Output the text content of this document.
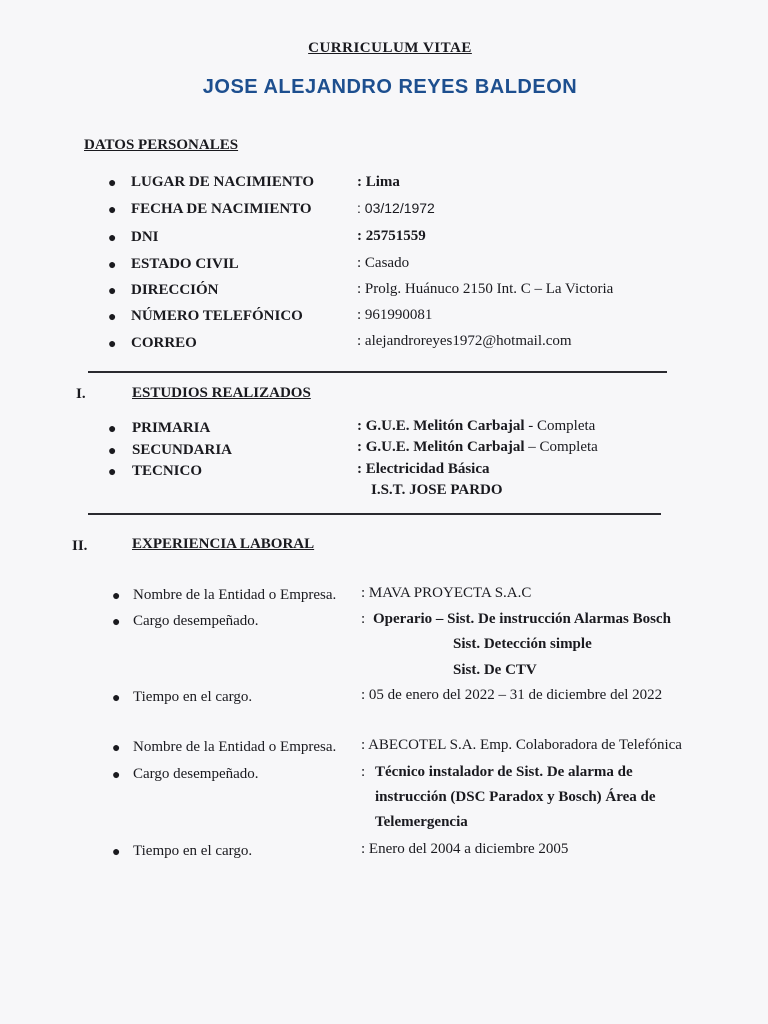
CURRICULUM VITAE
JOSE ALEJANDRO REYES BALDEON
DATOS PERSONALES
● LUGAR DE NACIMIENTO	: Lima
● FECHA DE NACIMIENTO	: 03/12/1972
● DNI	: 25751559
● ESTADO CIVIL	: Casado
● DIRECCIÓN	: Prolg. Huánuco 2150 Int. C – La Victoria
● NÚMERO TELEFÓNICO	: 961990081
● CORREO	: alejandroreyes1972@hotmail.com
I.	ESTUDIOS REALIZADOS
● PRIMARIA	: G.U.E. Melitón Carbajal - Completa
● SECUNDARIA	: G.U.E. Melitón Carbajal – Completa
● TECNICO	: Electricidad Básica
I.S.T. JOSE PARDO
II.	EXPERIENCIA LABORAL
● Nombre de la Entidad o Empresa. : MAVA PROYECTA S.A.C
● Cargo desempeñado.	: Operario – Sist. De instrucción Alarmas Bosch
Sist. Detección simple
Sist. De CTV
● Tiempo en el cargo.	: 05 de enero del 2022 – 31 de diciembre del 2022
● Nombre de la Entidad o Empresa. : ABECOTEL S.A. Emp. Colaboradora de Telefónica
● Cargo desempeñado.	: Técnico instalador de Sist. De alarma de
instrucción (DSC Paradox y Bosch) Área de
Telemergencia
● Tiempo en el cargo.	: Enero del 2004 a diciembre 2005
